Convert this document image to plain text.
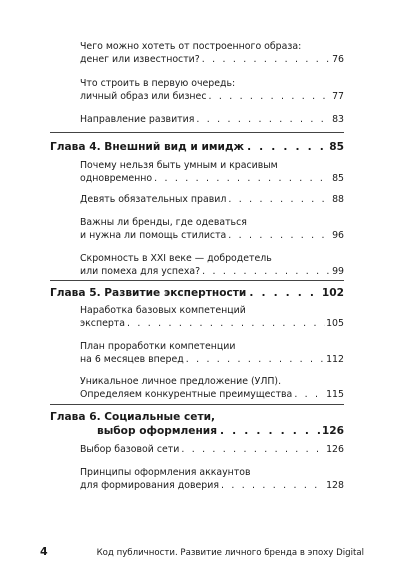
Чего можно хотеть от построенного образа:
денег или известности? . . .	76
Что строить в первую очередь:
личный образ или бизнес . . .	77
Направление развития . . .	83
Глава 4. Внешний вид и имидж . . .	85
Почему нельзя быть умным и красивым
одновременно . . .	85
Девять обязательных правил . . .	88
Важны ли бренды, где одеваться
и нужна ли помощь стилиста . . .	96
Скромность в XXI веке — добродетель
или помеха для успеха? . . .	99
Глава 5. Развитие экспертности . . .	102
Наработка базовых компетенций
эксперта . . .	105
План проработки компетенции
на 6 месяцев вперед . . .	112
Уникальное личное предложение (УЛП).
Определяем конкурентные преимущества . . .	115
Глава 6. Социальные сети,
выбор оформления . . .	126
Выбор базовой сети . . .	126
Принципы оформления аккаунтов
для формирования доверия . . .	128
4	Код публичности. Развитие личного бренда в эпоху Digital
